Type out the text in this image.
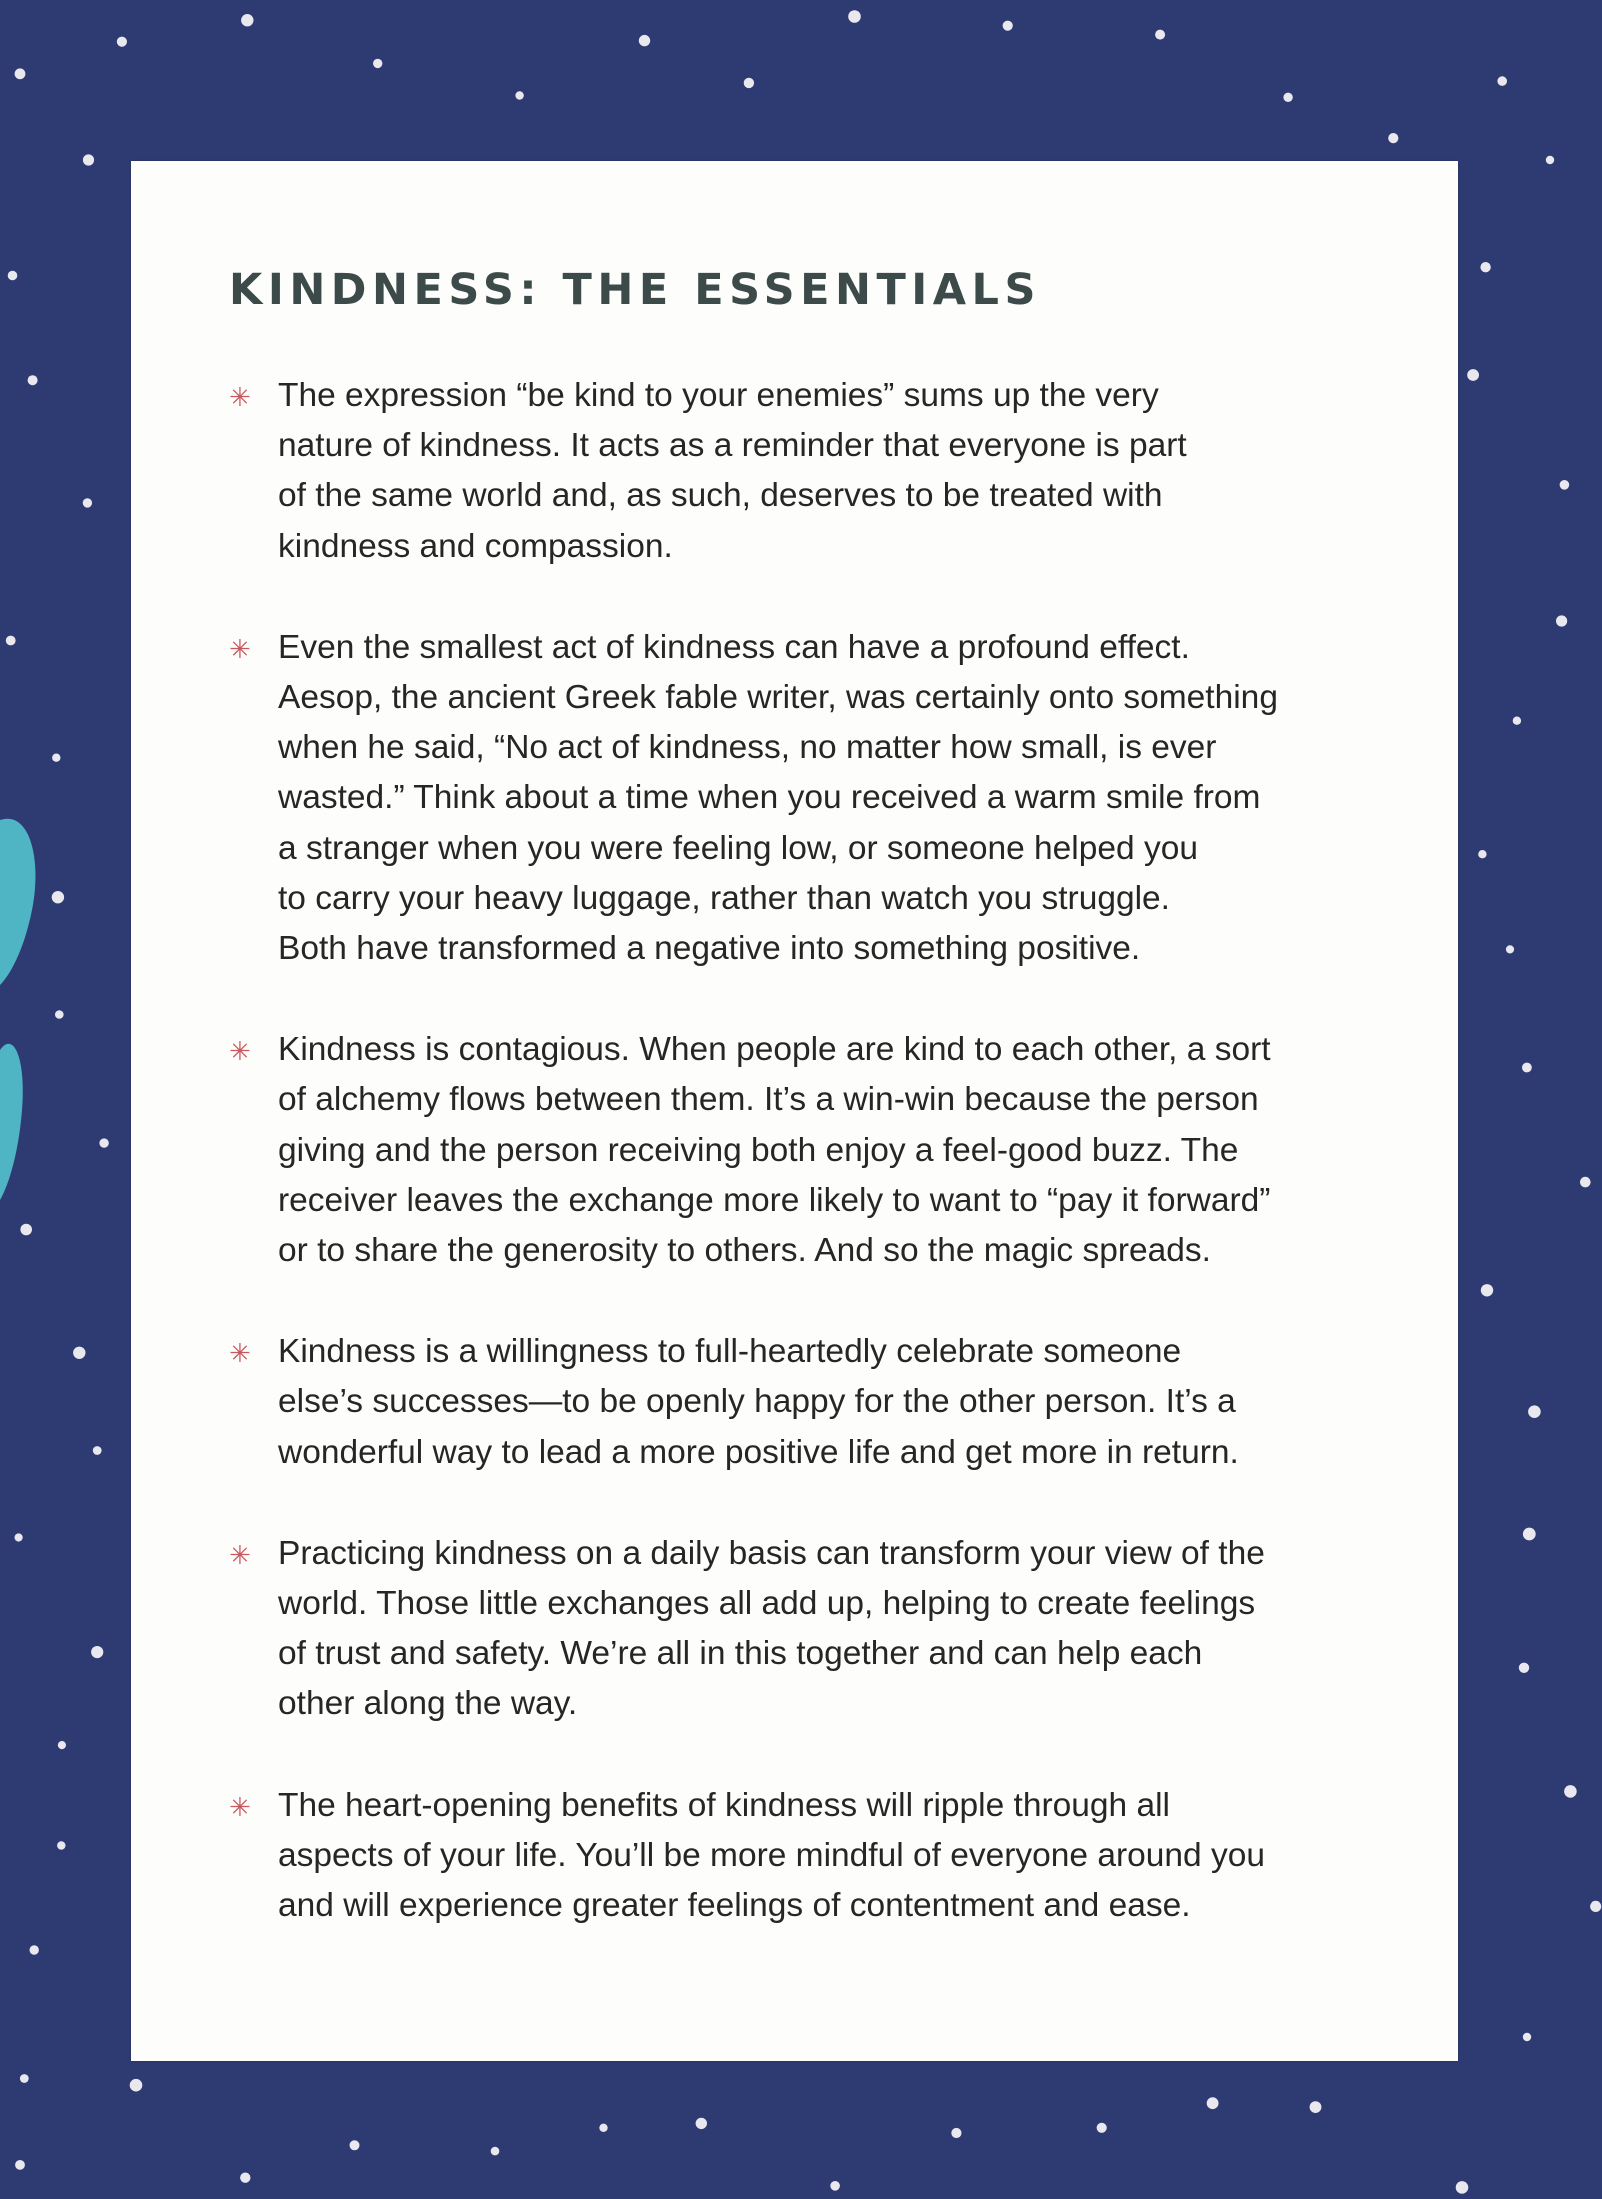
KINDNESS: THE ESSENTIALS
✳ The expression “be kind to your enemies” sums up the very
nature of kindness. It acts as a reminder that everyone is part
of the same world and, as such, deserves to be treated with
kindness and compassion.
✳ Even the smallest act of kindness can have a profound effect.
Aesop, the ancient Greek fable writer, was certainly onto something
when he said, “No act of kindness, no matter how small, is ever
wasted.” Think about a time when you received a warm smile from
a stranger when you were feeling low, or someone helped you
to carry your heavy luggage, rather than watch you struggle.
Both have transformed a negative into something positive.
✳ Kindness is contagious. When people are kind to each other, a sort
of alchemy flows between them. It’s a win-win because the person
giving and the person receiving both enjoy a feel-good buzz. The
receiver leaves the exchange more likely to want to “pay it forward”
or to share the generosity to others. And so the magic spreads.
✳ Kindness is a willingness to full-heartedly celebrate someone
else’s successes—to be openly happy for the other person. It’s a
wonderful way to lead a more positive life and get more in return.
✳ Practicing kindness on a daily basis can transform your view of the
world. Those little exchanges all add up, helping to create feelings
of trust and safety. We’re all in this together and can help each
other along the way.
✳ The heart-opening benefits of kindness will ripple through all
aspects of your life. You’ll be more mindful of everyone around you
and will experience greater feelings of contentment and ease.
